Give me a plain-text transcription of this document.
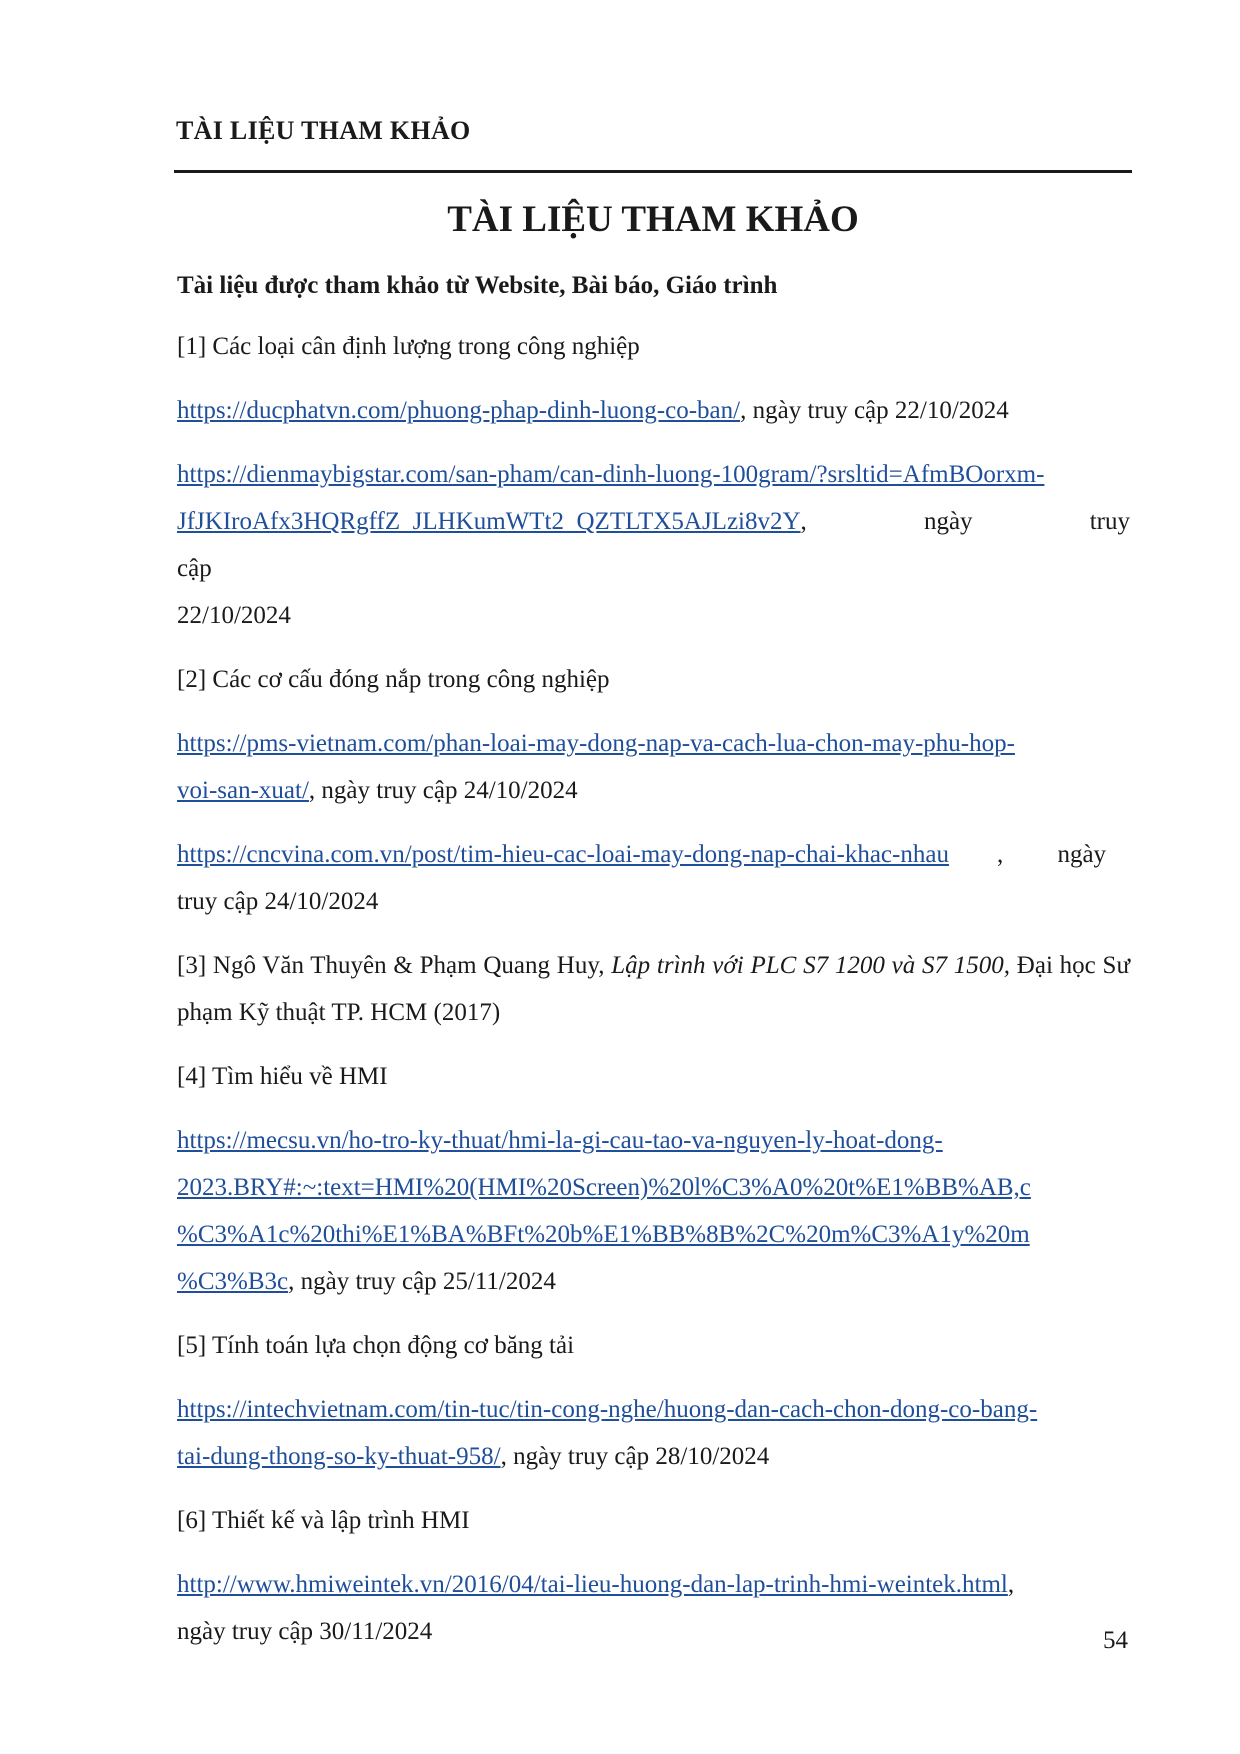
TÀI LIỆU THAM KHẢO
TÀI LIỆU THAM KHẢO

Tài liệu được tham khảo từ Website, Bài báo, Giáo trình

[1] Các loại cân định lượng trong công nghiệp

https://ducphatvn.com/phuong-phap-dinh-luong-co-ban/, ngày truy cập 22/10/2024

https://dienmaybigstar.com/san-pham/can-dinh-luong-100gram/?srsltid=AfmBOorxm-
JfJKIroAfx3HQRgffZ_JLHKumWTt2_QZTLTX5AJLzi8v2Y, ngày truy cập
22/10/2024

[2] Các cơ cấu đóng nắp trong công nghiệp

https://pms-vietnam.com/phan-loai-may-dong-nap-va-cach-lua-chon-may-phu-hop-
voi-san-xuat/, ngày truy cập 24/10/2024

https://cncvina.com.vn/post/tim-hieu-cac-loai-may-dong-nap-chai-khac-nhau , ngày
truy cập 24/10/2024

[3] Ngô Văn Thuyên & Phạm Quang Huy, Lập trình với PLC S7 1200 và S7 1500, Đại học Sư phạm Kỹ thuật TP. HCM (2017)

[4] Tìm hiểu về HMI

https://mecsu.vn/ho-tro-ky-thuat/hmi-la-gi-cau-tao-va-nguyen-ly-hoat-dong-
2023.BRY#:~:text=HMI%20(HMI%20Screen)%20l%C3%A0%20t%E1%BB%AB,c
%C3%A1c%20thi%E1%BA%BFt%20b%E1%BB%8B%2C%20m%C3%A1y%20m
%C3%B3c, ngày truy cập 25/11/2024

[5] Tính toán lựa chọn động cơ băng tải

https://intechvietnam.com/tin-tuc/tin-cong-nghe/huong-dan-cach-chon-dong-co-bang-
tai-dung-thong-so-ky-thuat-958/, ngày truy cập 28/10/2024

[6] Thiết kế và lập trình HMI

http://www.hmiweintek.vn/2016/04/tai-lieu-huong-dan-lap-trinh-hmi-weintek.html,
ngày truy cập 30/11/2024	54
